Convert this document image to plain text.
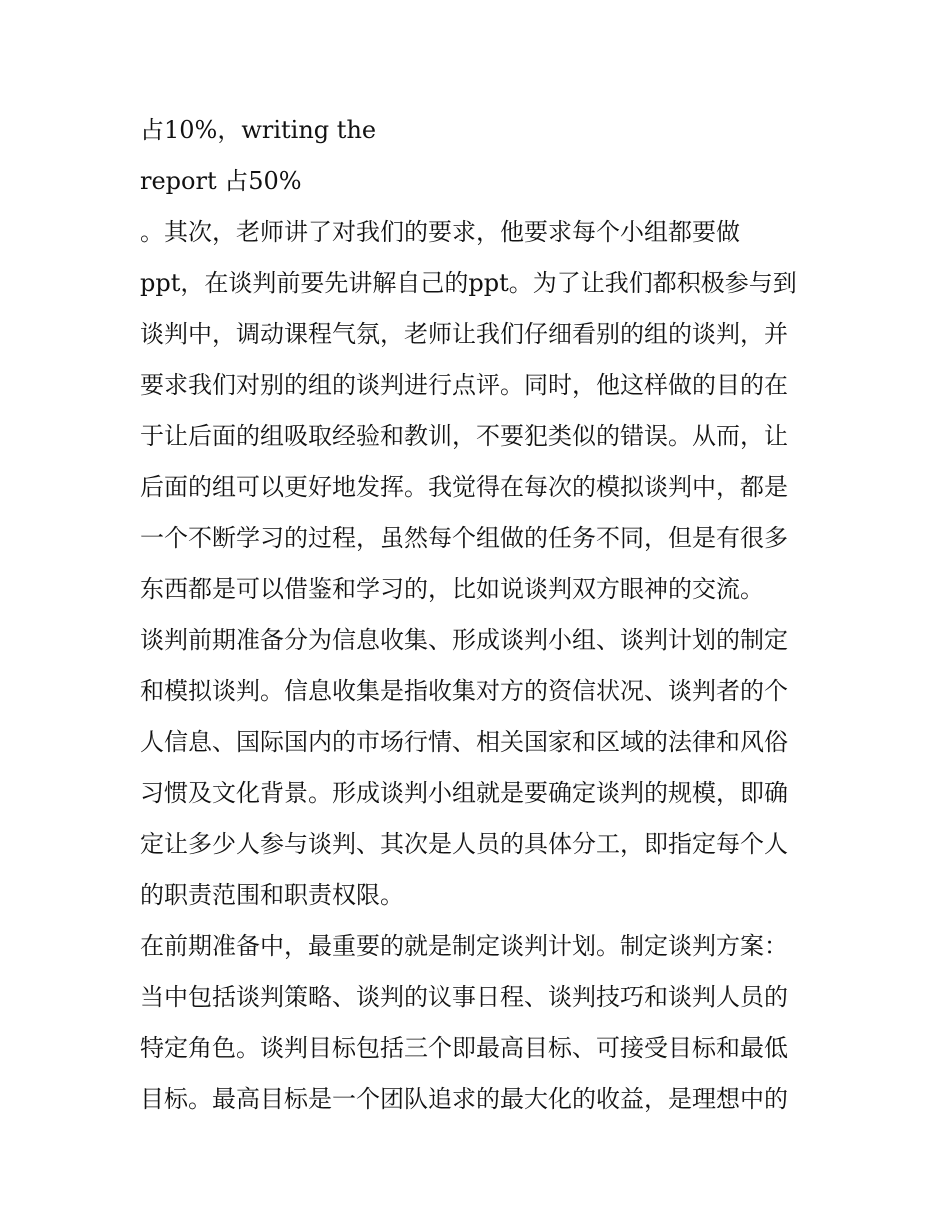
占10%，writing the
report 占50%
。其次，老师讲了对我们的要求，他要求每个小组都要做
ppt，在谈判前要先讲解自己的ppt。为了让我们都积极参与到
谈判中，调动课程气氛，老师让我们仔细看别的组的谈判，并
要求我们对别的组的谈判进行点评。同时，他这样做的目的在
于让后面的组吸取经验和教训，不要犯类似的错误。从而，让
后面的组可以更好地发挥。我觉得在每次的模拟谈判中，都是
一个不断学习的过程，虽然每个组做的任务不同，但是有很多
东西都是可以借鉴和学习的，比如说谈判双方眼神的交流。
谈判前期准备分为信息收集、形成谈判小组、谈判计划的制定
和模拟谈判。信息收集是指收集对方的资信状况、谈判者的个
人信息、国际国内的市场行情、相关国家和区域的法律和风俗
习惯及文化背景。形成谈判小组就是要确定谈判的规模，即确
定让多少人参与谈判、其次是人员的具体分工，即指定每个人
的职责范围和职责权限。
在前期准备中，最重要的就是制定谈判计划。制定谈判方案：
当中包括谈判策略、谈判的议事日程、谈判技巧和谈判人员的
特定角色。谈判目标包括三个即最高目标、可接受目标和最低
目标。最高目标是一个团队追求的最大化的收益，是理想中的
